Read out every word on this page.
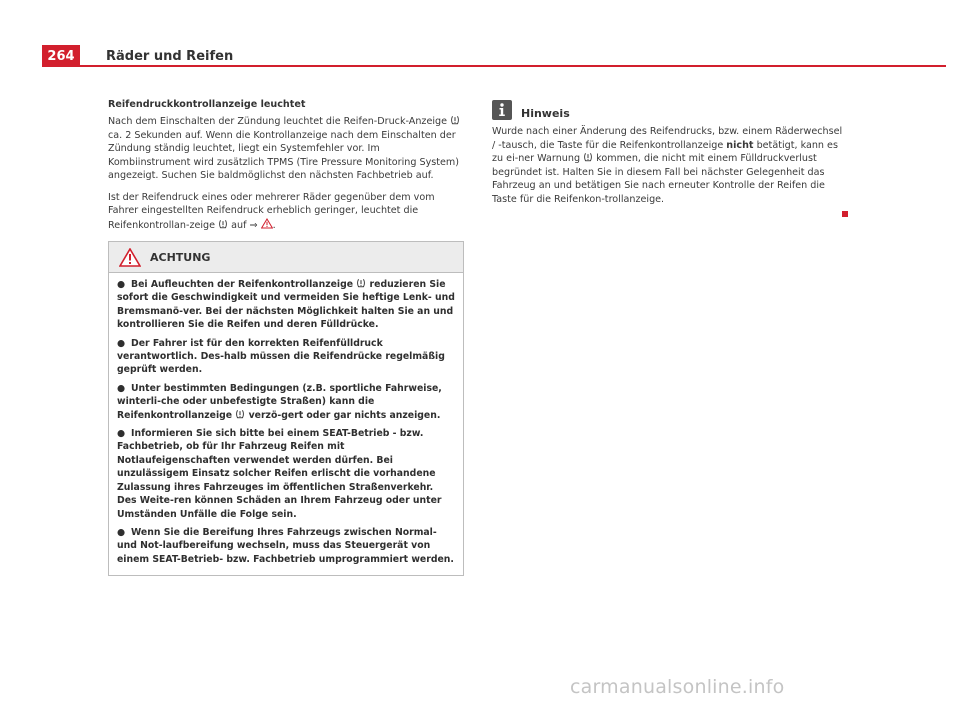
264	Räder und Reifen
Reifendruckkontrollanzeige leuchtet

Nach dem Einschalten der Zündung leuchtet die Reifen-Druck-Anzeige  ca. 2 Sekunden auf. Wenn die Kontrollanzeige nach dem Einschalten der Zündung ständig leuchtet, liegt ein Systemfehler vor. Im Kombiinstrument wird zusätzlich TPMS (Tire Pressure Monitoring System) angezeigt. Suchen Sie baldmöglichst den nächsten Fachbetrieb auf.

Ist der Reifendruck eines oder mehrerer Räder gegenüber dem vom Fahrer eingestellten Reifendruck erheblich geringer, leuchtet die Reifenkontrollan-zeige  auf ⇒ .

ACHTUNG

● Bei Aufleuchten der Reifenkontrollanzeige  reduzieren Sie sofort die Geschwindigkeit und vermeiden Sie heftige Lenk- und Bremsmanö-ver. Bei der nächsten Möglichkeit halten Sie an und kontrollieren Sie die Reifen und deren Fülldrücke.

● Der Fahrer ist für den korrekten Reifenfülldruck verantwortlich. Des-halb müssen die Reifendrücke regelmäßig geprüft werden.

● Unter bestimmten Bedingungen (z.B. sportliche Fahrweise, winterli-che oder unbefestigte Straßen) kann die Reifenkontrollanzeige  verzö-gert oder gar nichts anzeigen.

● Informieren Sie sich bitte bei einem SEAT-Betrieb - bzw. Fachbetrieb, ob für Ihr Fahrzeug Reifen mit Notlaufeigenschaften verwendet werden dürfen. Bei unzulässigem Einsatz solcher Reifen erlischt die vorhandene Zulassung ihres Fahrzeuges im öffentlichen Straßenverkehr. Des Weite-ren können Schäden an Ihrem Fahrzeug oder unter Umständen Unfälle die Folge sein.

● Wenn Sie die Bereifung Ihres Fahrzeugs zwischen Normal- und Not-laufbereifung wechseln, muss das Steuergerät von einem SEAT-Betrieb- bzw. Fachbetrieb umprogrammiert werden.

Hinweis

Wurde nach einer Änderung des Reifendrucks, bzw. einem Räderwechsel / -tausch, die Taste für die Reifenkontrollanzeige nicht betätigt, kann es zu ei-ner Warnung  kommen, die nicht mit einem Fülldruckverlust begründet ist. Halten Sie in diesem Fall bei nächster Gelegenheit das Fahrzeug an und betätigen Sie nach erneuter Kontrolle der Reifen die Taste für die Reifenkon-trollanzeige.

carmanualsonline.info
